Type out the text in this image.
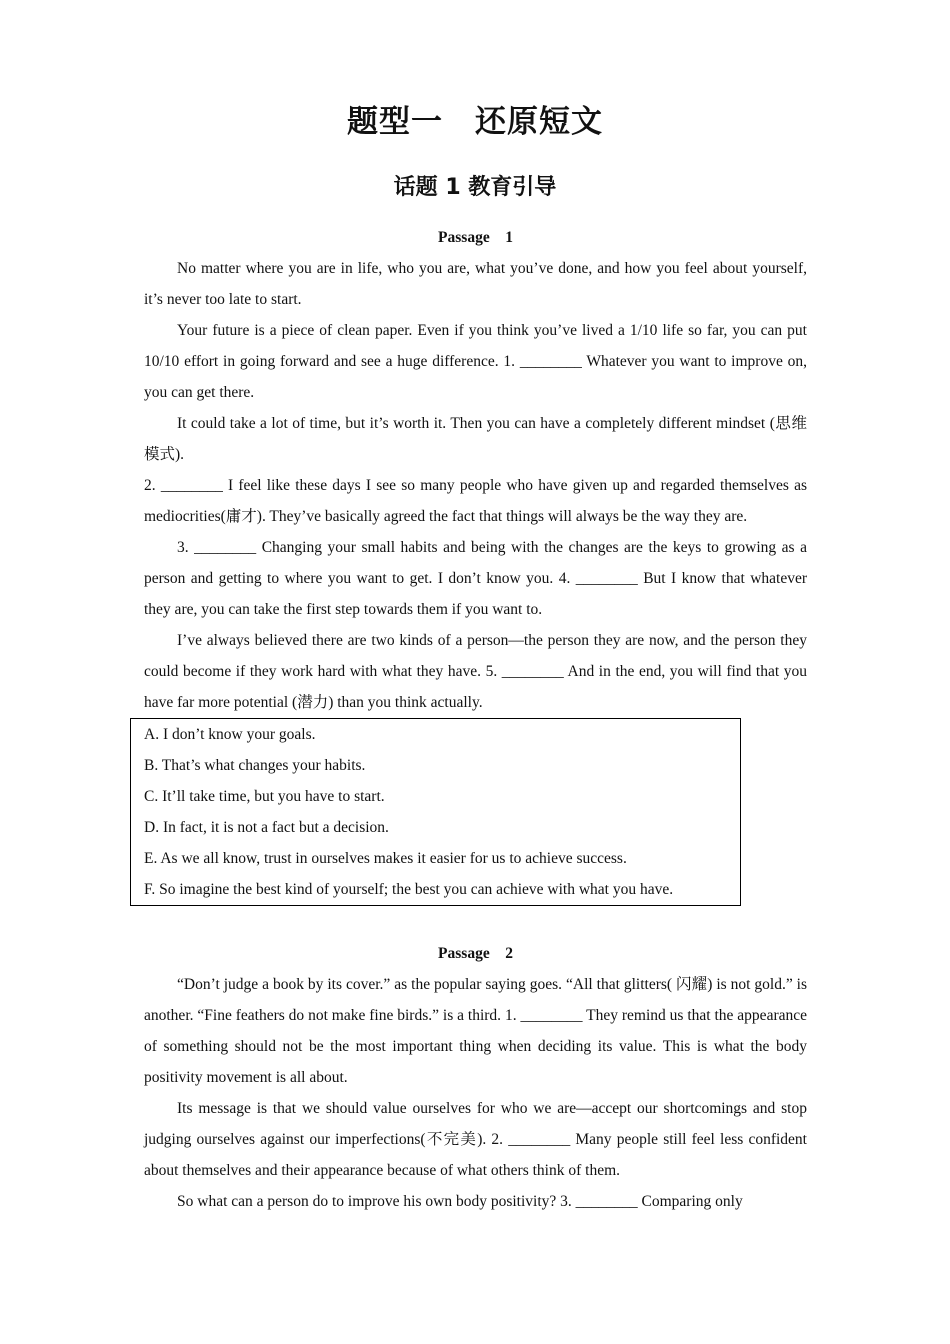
题型一　还原短文
话题 1 教育引导

Passage　1

No matter where you are in life, who you are, what you’ve done, and how you feel about yourself, it’s never too late to start.

Your future is a piece of clean paper. Even if you think you’ve lived a 1/10 life so far, you can put 10/10 effort in going forward and see a huge difference. 1. ________ Whatever you want to improve on, you can get there.

It could take a lot of time, but it’s worth it. Then you can have a completely different mindset (思维模式).

2. ________ I feel like these days I see so many people who have given up and regarded themselves as mediocrities(庸才). They’ve basically agreed the fact that things will always be the way they are.

3. ________ Changing your small habits and being with the changes are the keys to growing as a person and getting to where you want to get. I don’t know you. 4. ________ But I know that whatever they are, you can take the first step towards them if you want to.

I’ve always believed there are two kinds of a person—the person they are now, and the person they could become if they work hard with what they have. 5. ________ And in the end, you will find that you have far more potential (潜力) than you think actually.

A. I don’t know your goals.

B. That’s what changes your habits.

C. It’ll take time, but you have to start.

D. In fact, it is not a fact but a decision.

E. As we all know, trust in ourselves makes it easier for us to achieve success.

F. So imagine the best kind of yourself; the best you can achieve with what you have.

Passage　2

“Don’t judge a book by its cover.” as the popular saying goes. “All that glitters( 闪耀) is not gold.” is another. “Fine feathers do not make fine birds.” is a third. 1. ________ They remind us that the appearance of something should not be the most important thing when deciding its value. This is what the body positivity movement is all about.

Its message is that we should value ourselves for who we are—accept our shortcomings and stop judging ourselves against our imperfections(不完美). 2. ________ Many people still feel less confident about themselves and their appearance because of what others think of them.

So what can a person do to improve his own body positivity? 3. ________ Comparing only
